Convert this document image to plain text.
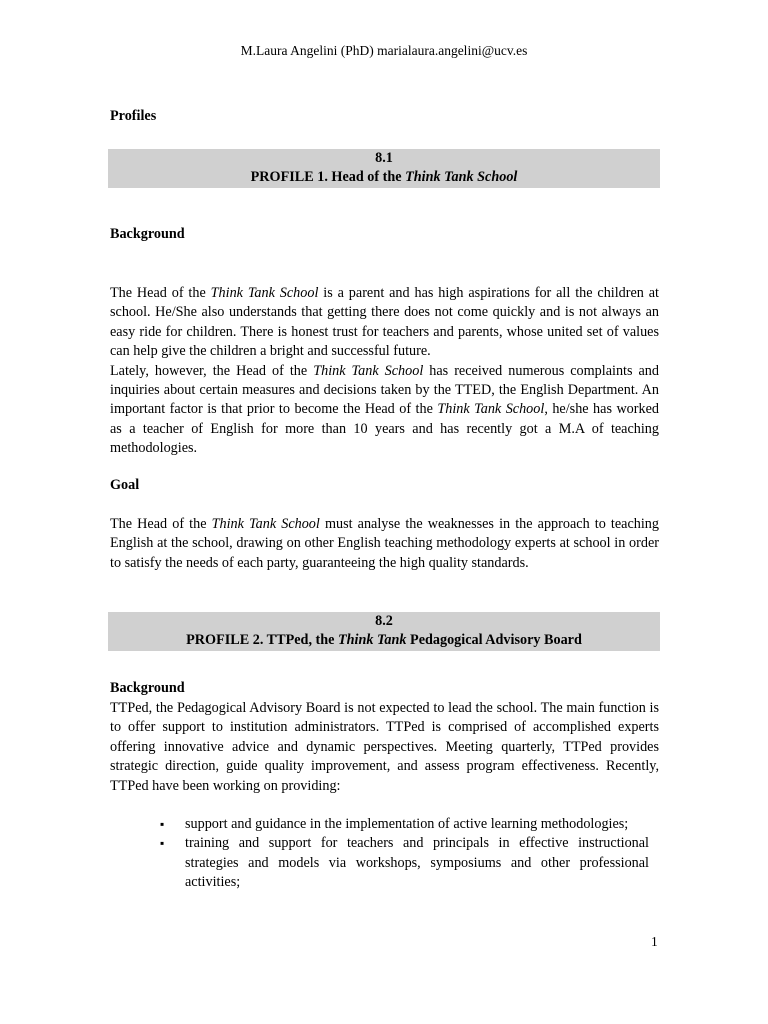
M.Laura Angelini (PhD) marialaura.angelini@ucv.es
Profiles
8.1
PROFILE 1. Head of the Think Tank School
Background

The Head of the Think Tank School is a parent and has high aspirations for all the children at school. He/She also understands that getting there does not come quickly and is not always an easy ride for children. There is honest trust for teachers and parents, whose united set of values can help give the children a bright and successful future.

Lately, however, the Head of the Think Tank School has received numerous complaints and inquiries about certain measures and decisions taken by the TTED, the English Department. An important factor is that prior to become the Head of the Think Tank School, he/she has worked as a teacher of English for more than 10 years and has recently got a M.A of teaching methodologies.

Goal

The Head of the Think Tank School must analyse the weaknesses in the approach to teaching English at the school, drawing on other English teaching methodology experts at school in order to satisfy the needs of each party, guaranteeing the high quality standards.

8.2
PROFILE 2. TTPed, the Think Tank Pedagogical Advisory Board
Background

TTPed, the Pedagogical Advisory Board is not expected to lead the school. The main function is to offer support to institution administrators. TTPed is comprised of accomplished experts offering innovative advice and dynamic perspectives. Meeting quarterly, TTPed provides strategic direction, guide quality improvement, and assess program effectiveness. Recently, TTPed have been working on providing:

▪ support and guidance in the implementation of active learning methodologies;
▪ training and support for teachers and principals in effective instructional strategies and models via workshops, symposiums and other professional activities;
1
